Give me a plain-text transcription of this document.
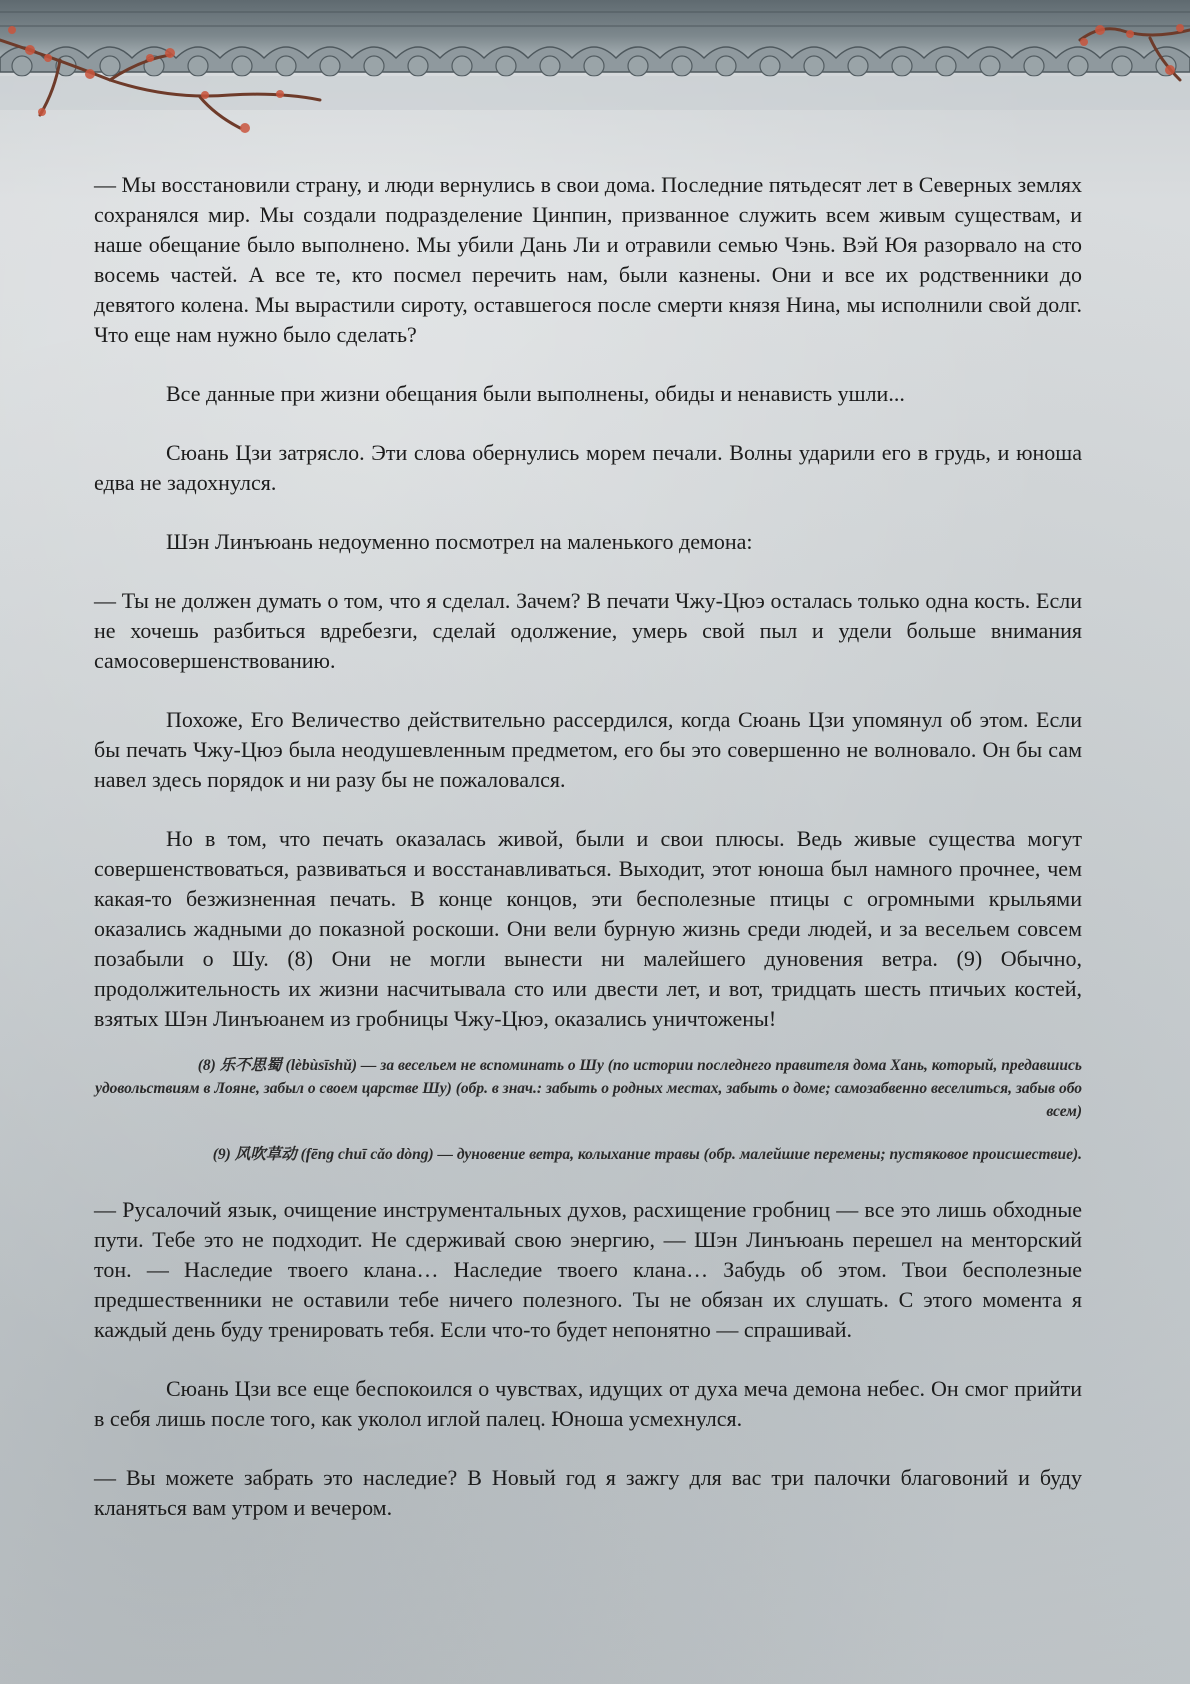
— Мы восстановили страну, и люди вернулись в свои дома. Последние пятьдесят лет в Северных землях сохранялся мир. Мы создали подразделение Цинпин, призванное служить всем живым существам, и наше обещание было выполнено. Мы убили Дань Ли и отравили семью Чэнь. Вэй Юя разорвало на сто восемь частей. А все те, кто посмел перечить нам, были казнены. Они и все их родственники до девятого колена. Мы вырастили сироту, оставшегося после смерти князя Нина, мы исполнили свой долг. Что еще нам нужно было сделать?

Все данные при жизни обещания были выполнены, обиды и ненависть ушли...

Сюань Цзи затрясло. Эти слова обернулись морем печали. Волны ударили его в грудь, и юноша едва не задохнулся.

Шэн Линъюань недоуменно посмотрел на маленького демона:

— Ты не должен думать о том, что я сделал. Зачем? В печати Чжу-Цюэ осталась только одна кость. Если не хочешь разбиться вдребезги, сделай одолжение, умерь свой пыл и удели больше внимания самосовершенствованию.

Похоже, Его Величество действительно рассердился, когда Сюань Цзи упомянул об этом. Если бы печать Чжу-Цюэ была неодушевленным предметом, его бы это совершенно не волновало. Он бы сам навел здесь порядок и ни разу бы не пожаловался.

Но в том, что печать оказалась живой, были и свои плюсы. Ведь живые существа могут совершенствоваться, развиваться и восстанавливаться. Выходит, этот юноша был намного прочнее, чем какая-то безжизненная печать. В конце концов, эти бесполезные птицы с огромными крыльями оказались жадными до показной роскоши. Они вели бурную жизнь среди людей, и за весельем совсем позабыли о Шу. (8) Они не могли вынести ни малейшего дуновения ветра. (9) Обычно, продолжительность их жизни насчитывала сто или двести лет, и вот, тридцать шесть птичьих костей, взятых Шэн Линъюанем из гробницы Чжу-Цюэ, оказались уничтожены!

(8) 乐不思蜀 (lèbùsīshǔ) — за весельем не вспоминать о Шу (по истории последнего правителя дома Хань, который, предавшись удовольствиям в Лояне, забыл о своем царстве Шу) (обр. в знач.: забыть о родных местах, забыть о доме; самозабвенно веселиться, забыв обо всем)

(9) 风吹草动 (fēng chuī cǎo dòng) — дуновение ветра, колыхание травы (обр. малейшие перемены; пустяковое происшествие).

— Русалочий язык, очищение инструментальных духов, расхищение гробниц — все это лишь обходные пути. Тебе это не подходит. Не сдерживай свою энергию, — Шэн Линъюань перешел на менторский тон. — Наследие твоего клана… Наследие твоего клана… Забудь об этом. Твои бесполезные предшественники не оставили тебе ничего полезного. Ты не обязан их слушать. С этого момента я каждый день буду тренировать тебя. Если что-то будет непонятно — спрашивай.

Сюань Цзи все еще беспокоился о чувствах, идущих от духа меча демона небес. Он смог прийти в себя лишь после того, как уколол иглой палец. Юноша усмехнулся.

— Вы можете забрать это наследие? В Новый год я зажгу для вас три палочки благовоний и буду кланяться вам утром и вечером.
